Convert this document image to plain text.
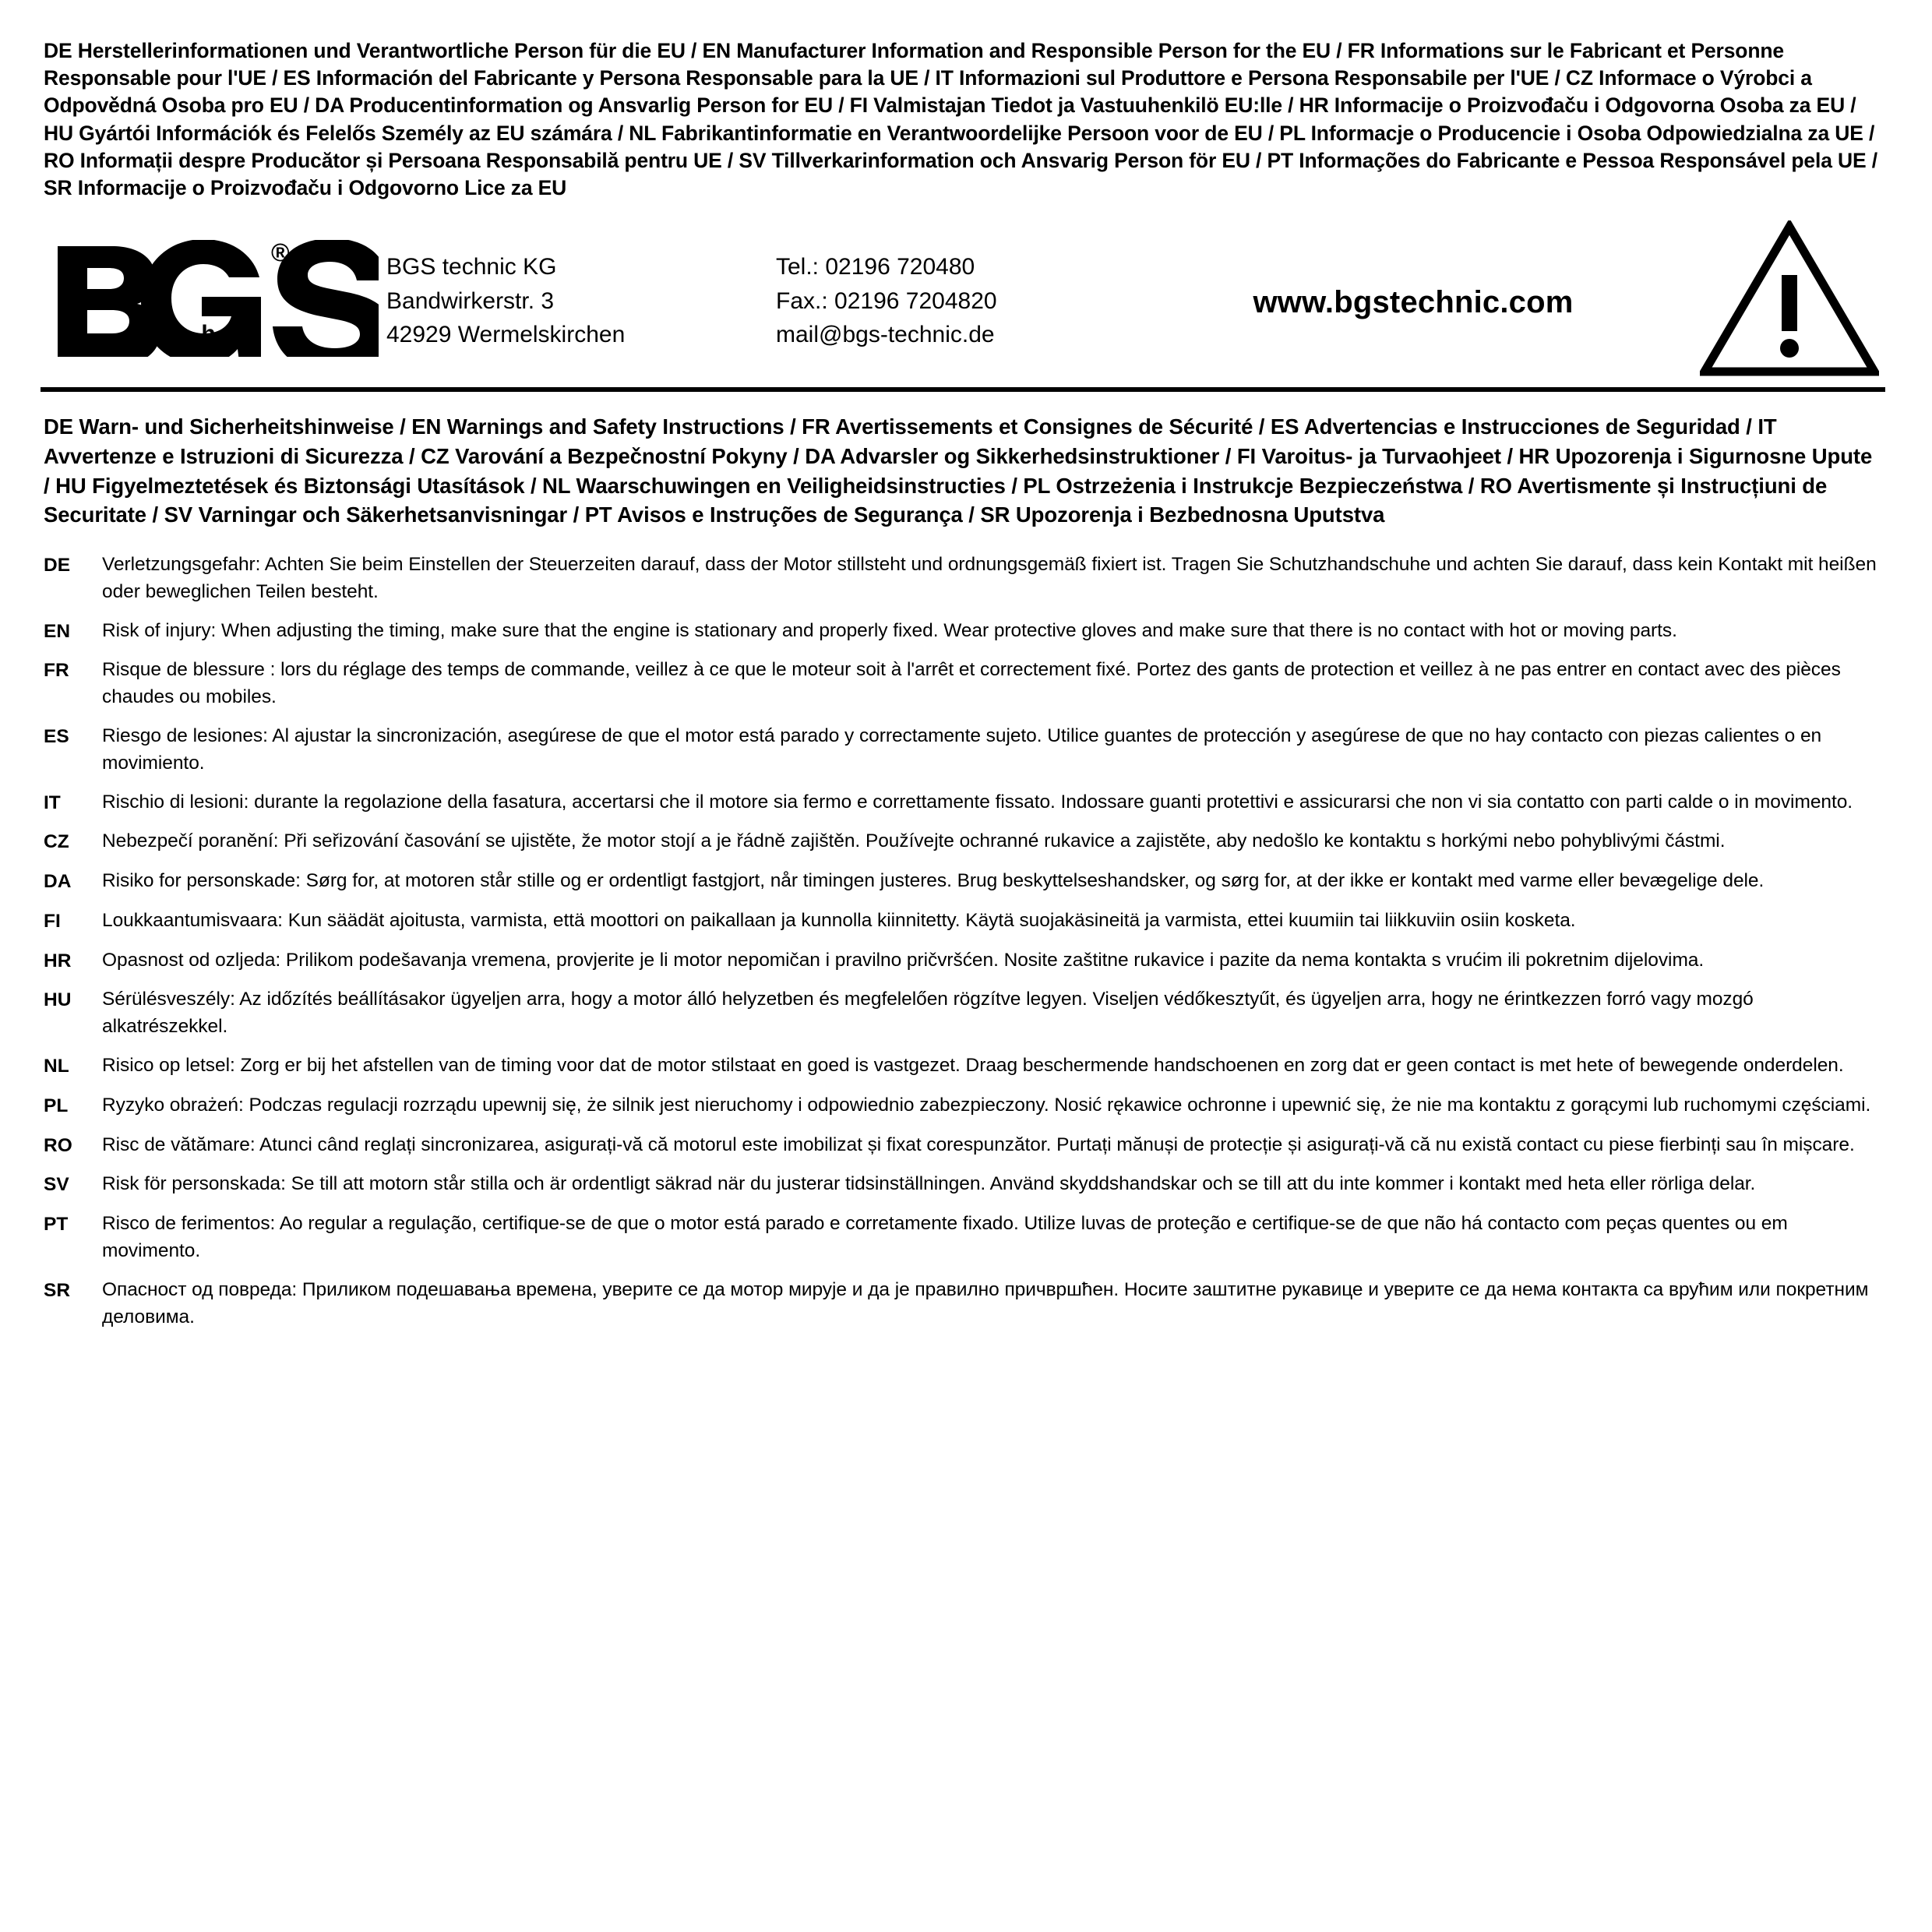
DE Herstellerinformationen und Verantwortliche Person für die EU / EN Manufacturer Information and Responsible Person for the EU / FR Informations sur le Fabricant et Personne Responsable pour l'UE / ES Información del Fabricante y Persona Responsable para la UE / IT Informazioni sul Produttore e Persona Responsabile per l'UE / CZ Informace o Výrobci a Odpovědná Osoba pro EU / DA Producentinformation og Ansvarlig Person for EU / FI Valmistajan Tiedot ja Vastuuhenkilö EU:lle / HR Informacije o Proizvođaču i Odgovorna Osoba za EU / HU Gyártói Információk és Felelős Személy az EU számára / NL Fabrikantinformatie en Verantwoordelijke Persoon voor de EU / PL Informacje o Producencie i Osoba Odpowiedzialna za UE / RO Informații despre Producător și Persoana Responsabilă pentru UE / SV Tillverkarinformation och Ansvarig Person för EU / PT Informações do Fabricante e Pessoa Responsável pela UE / SR Informacije o Proizvođaču i Odgovorno Lice za EU
®
t e c h n i c
BGS technic KG
Bandwirkerstr. 3
42929 Wermelskirchen
Tel.: 02196 720480
Fax.: 02196 7204820
mail@bgs-technic.de
www.bgstechnic.com
DE Warn- und Sicherheitshinweise / EN Warnings and Safety Instructions / FR Avertissements et Consignes de Sécurité / ES Advertencias e Instrucciones de Seguridad / IT Avvertenze e Istruzioni di Sicurezza / CZ Varování a Bezpečnostní Pokyny / DA Advarsler og Sikkerhedsinstruktioner / FI Varoitus- ja Turvaohjeet / HR Upozorenja i Sigurnosne Upute / HU Figyelmeztetések és Biztonsági Utasítások / NL Waarschuwingen en Veiligheidsinstructies / PL Ostrzeżenia i Instrukcje Bezpieczeństwa / RO Avertismente și Instrucțiuni de Securitate / SV Varningar och Säkerhetsanvisningar / PT Avisos e Instruções de Segurança / SR Upozorenja i Bezbednosna Uputstva
DE	Verletzungsgefahr: Achten Sie beim Einstellen der Steuerzeiten darauf, dass der Motor stillsteht und ordnungsgemäß fixiert ist. Tragen Sie Schutzhandschuhe und achten Sie darauf, dass kein Kontakt mit heißen oder beweglichen Teilen besteht.
EN	Risk of injury: When adjusting the timing, make sure that the engine is stationary and properly fixed. Wear protective gloves and make sure that there is no contact with hot or moving parts.
FR	Risque de blessure : lors du réglage des temps de commande, veillez à ce que le moteur soit à l'arrêt et correctement fixé. Portez des gants de protection et veillez à ne pas entrer en contact avec des pièces chaudes ou mobiles.
ES	Riesgo de lesiones: Al ajustar la sincronización, asegúrese de que el motor está parado y correctamente sujeto. Utilice guantes de protección y asegúrese de que no hay contacto con piezas calientes o en movimiento.
IT	Rischio di lesioni: durante la regolazione della fasatura, accertarsi che il motore sia fermo e correttamente fissato. Indossare guanti protettivi e assicurarsi che non vi sia contatto con parti calde o in movimento.
CZ	Nebezpečí poranění: Při seřizování časování se ujistěte, že motor stojí a je řádně zajištěn. Používejte ochranné rukavice a zajistěte, aby nedošlo ke kontaktu s horkými nebo pohyblivými částmi.
DA	Risiko for personskade: Sørg for, at motoren står stille og er ordentligt fastgjort, når timingen justeres. Brug beskyttelseshandsker, og sørg for, at der ikke er kontakt med varme eller bevægelige dele.
FI	Loukkaantumisvaara: Kun säädät ajoitusta, varmista, että moottori on paikallaan ja kunnolla kiinnitetty. Käytä suojakäsineitä ja varmista, ettei kuumiin tai liikkuviin osiin kosketa.
HR	Opasnost od ozljeda: Prilikom podešavanja vremena, provjerite je li motor nepomičan i pravilno pričvršćen. Nosite zaštitne rukavice i pazite da nema kontakta s vrućim ili pokretnim dijelovima.
HU	Sérülésveszély: Az időzítés beállításakor ügyeljen arra, hogy a motor álló helyzetben és megfelelően rögzítve legyen. Viseljen védőkesztyűt, és ügyeljen arra, hogy ne érintkezzen forró vagy mozgó alkatrészekkel.
NL	Risico op letsel: Zorg er bij het afstellen van de timing voor dat de motor stilstaat en goed is vastgezet. Draag beschermende handschoenen en zorg dat er geen contact is met hete of bewegende onderdelen.
PL	Ryzyko obrażeń: Podczas regulacji rozrządu upewnij się, że silnik jest nieruchomy i odpowiednio zabezpieczony. Nosić rękawice ochronne i upewnić się, że nie ma kontaktu z gorącymi lub ruchomymi częściami.
RO	Risc de vătămare: Atunci când reglați sincronizarea, asigurați-vă că motorul este imobilizat și fixat corespunzător. Purtați mănuși de protecție și asigurați-vă că nu există contact cu piese fierbinți sau în mișcare.
SV	Risk för personskada: Se till att motorn står stilla och är ordentligt säkrad när du justerar tidsinställningen. Använd skyddshandskar och se till att du inte kommer i kontakt med heta eller rörliga delar.
PT	Risco de ferimentos: Ao regular a regulação, certifique-se de que o motor está parado e corretamente fixado. Utilize luvas de proteção e certifique-se de que não há contacto com peças quentes ou em movimento.
SR	Опасност од повреда: Приликом подешавања времена, уверите се да мотор мирује и да је правилно причвршћен. Носите заштитне рукавице и уверите се да нема контакта са врућим или покретним деловима.
